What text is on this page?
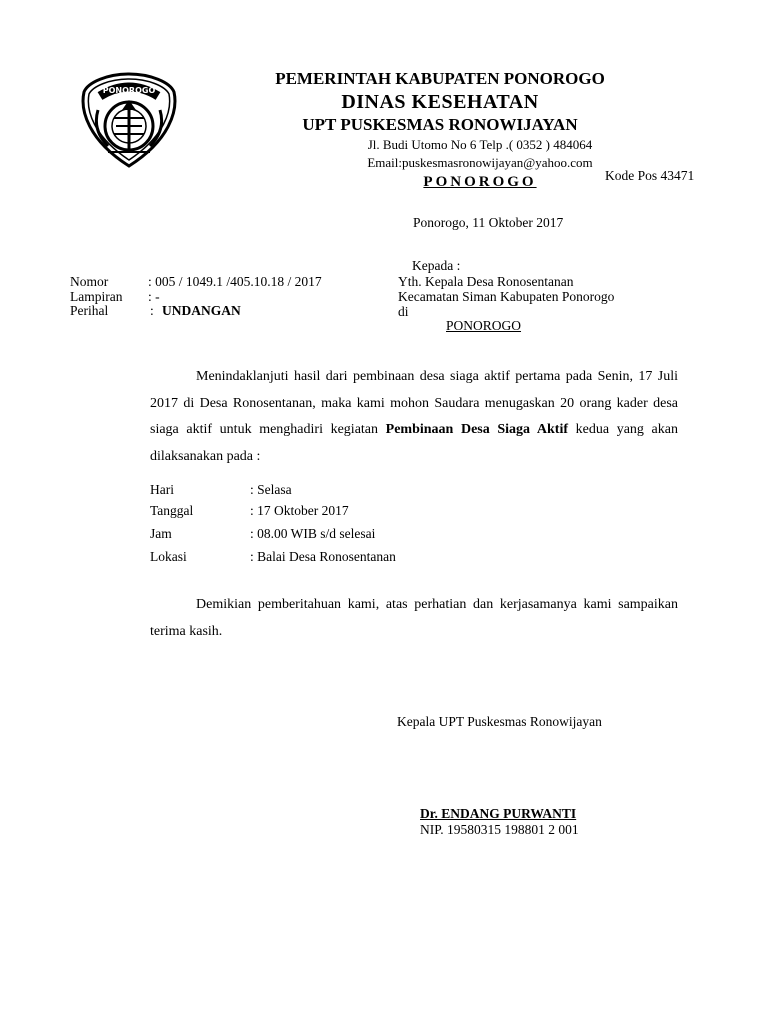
PONOROGO
PEMERINTAH KABUPATEN PONOROGO
DINAS KESEHATAN
UPT PUSKESMAS RONOWIJAYAN
Jl. Budi Utomo No 6 Telp .( 0352 ) 484064 Email:puskesmasronowijayan@yahoo.com
PONOROGO	Kode Pos 43471
Ponorogo, 11 Oktober 2017
Kepada :
Yth. Kepala Desa Ronosentanan
Kecamatan Siman Kabupaten Ponorogo
di
PONOROGO
Nomor	: 005 / 1049.1 /405.10.18 / 2017
Lampiran : -
Perihal	: UNDANGAN
Menindaklanjuti hasil dari pembinaan desa siaga aktif pertama pada Senin, 17 Juli 2017 di Desa Ronosentanan, maka kami mohon Saudara menugaskan 20 orang kader desa siaga aktif untuk menghadiri kegiatan Pembinaan Desa Siaga Aktif kedua yang akan dilaksanakan pada :
Hari	: Selasa
Tanggal	: 17 Oktober 2017
Jam	: 08.00 WIB s/d selesai
Lokasi	: Balai Desa Ronosentanan
Demikian pemberitahuan kami, atas perhatian dan kerjasamanya kami sampaikan terima kasih.
Kepala UPT Puskesmas Ronowijayan
Dr. ENDANG PURWANTI
NIP. 19580315 198801 2 001
